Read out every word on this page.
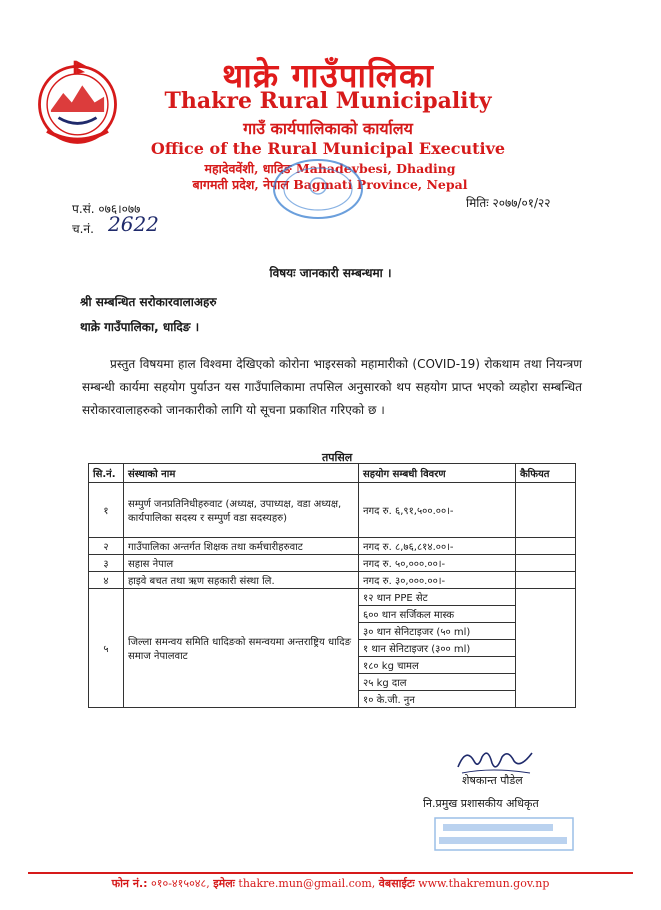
थाक्रे गाउँपालिका
Thakre Rural Municipality
गाउँ कार्यपालिकाको कार्यालय
Office of the Rural Municipal Executive
महादेववेंशी, धादिङ Mahadevbesi, Dhading
बागमती प्रदेश, नेपाल Bagmati Province, Nepal
प.सं. ०७६।०७७
च.नं. 2622
मितिः २०७७/०१/२२
विषयः जानकारी सम्बन्धमा ।
श्री सम्बन्धित सरोकारवालाअहरु
थाक्रे गाउँपालिका, धादिङ ।
प्रस्तुत विषयमा हाल विश्वमा देखिएको कोरोना भाइरसको महामारीको (COVID-19) रोकथाम तथा नियन्त्रण सम्बन्धी कार्यमा सहयोग पुर्याउन यस गाउँपालिकामा तपसिल अनुसारको थप सहयोग प्राप्त भएको व्यहोरा सम्बन्धित सरोकारवालाहरुको जानकारीको लागि यो सूचना प्रकाशित गरिएको छ ।
तपसिल
सि.नं.	संस्थाको नाम	सहयोग सम्बधी विवरण	कैफियत
१	सम्पुर्ण जनप्रतिनिधीहरुवाट (अध्यक्ष, उपाध्यक्ष, वडा अध्यक्ष, कार्यपालिका सदस्य र सम्पुर्ण वडा सदस्यहरु)	नगद रु. ६,९१,५००.००।-	
२	गाउँपालिका अन्तर्गत शिक्षक तथा कर्मचारीहरुवाट	नगद रु. ८,७६,८१४.००।-	
३	सहास नेपाल	नगद रु. ५०,०००.००।-	
४	हाइवे बचत तथा ऋण सहकारी संस्था लि.	नगद रु. ३०,०००.००।-	
५	जिल्ला समन्वय समिति धादिङको समन्वयमा अन्तराष्ट्रिय धादिङ समाज नेपालवाट	१२ थान PPE सेट	
		६०० थान सर्जिकल मास्क	
		३० थान सेनिटाइजर (५० ml)	
		१ थान सेनिटाइजर (३०० ml)	
		१८० kg चामल	
		२५ kg दाल	
		१० के.जी. नुन	
शेषकान्त पौडेल
नि.प्रमुख प्रशासकीय अधिकृत
फोन नं.: ०१०-४१५०४८, इमेलः thakre.mun@gmail.com, वेबसाईटः www.thakremun.gov.np
